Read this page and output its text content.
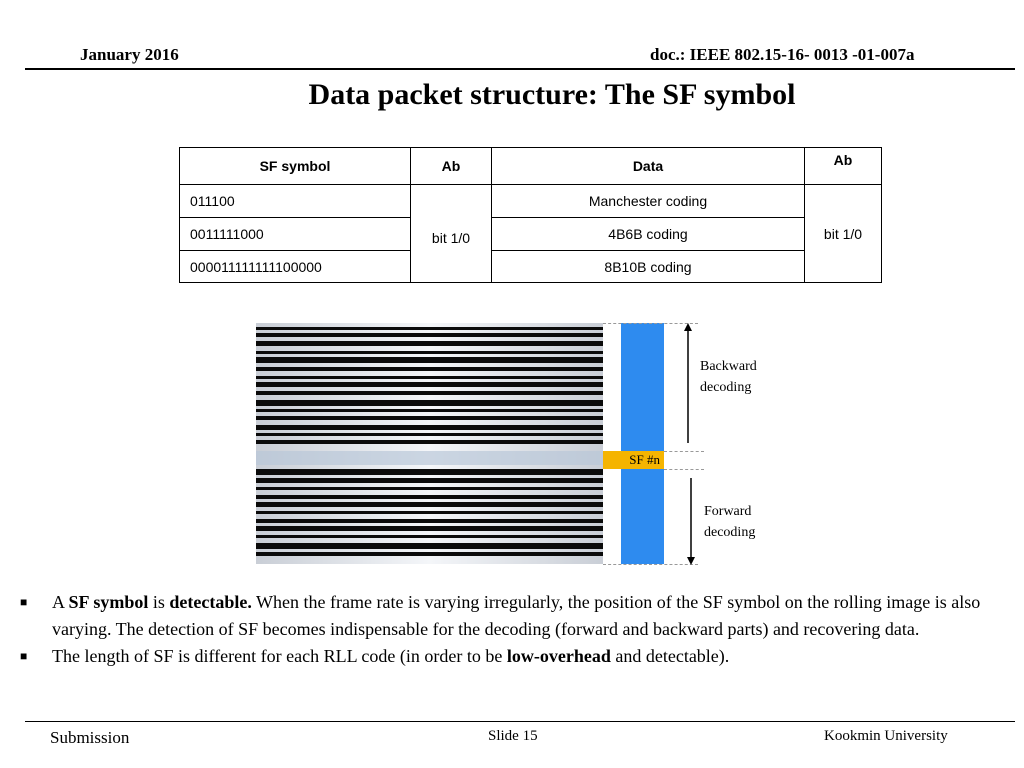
January 2016	doc.: IEEE 802.15-16- 0013 -01-007a
Data packet structure: The SF symbol
SF symbol	Ab	Data	Ab
011100	bit 1/0	Manchester coding	bit 1/0
0011111000		4B6B coding	
000011111111100000		8B10B coding	
SF #n
Backward
decoding
Forward
decoding
■ A SF symbol is detectable. When the frame rate is varying irregularly, the position of the SF symbol on the rolling image is also varying. The detection of SF becomes indispensable for the decoding (forward and backward parts) and recovering data.
■ The length of SF is different for each RLL code (in order to be low-overhead and detectable).
Submission	Slide 15	Kookmin University
